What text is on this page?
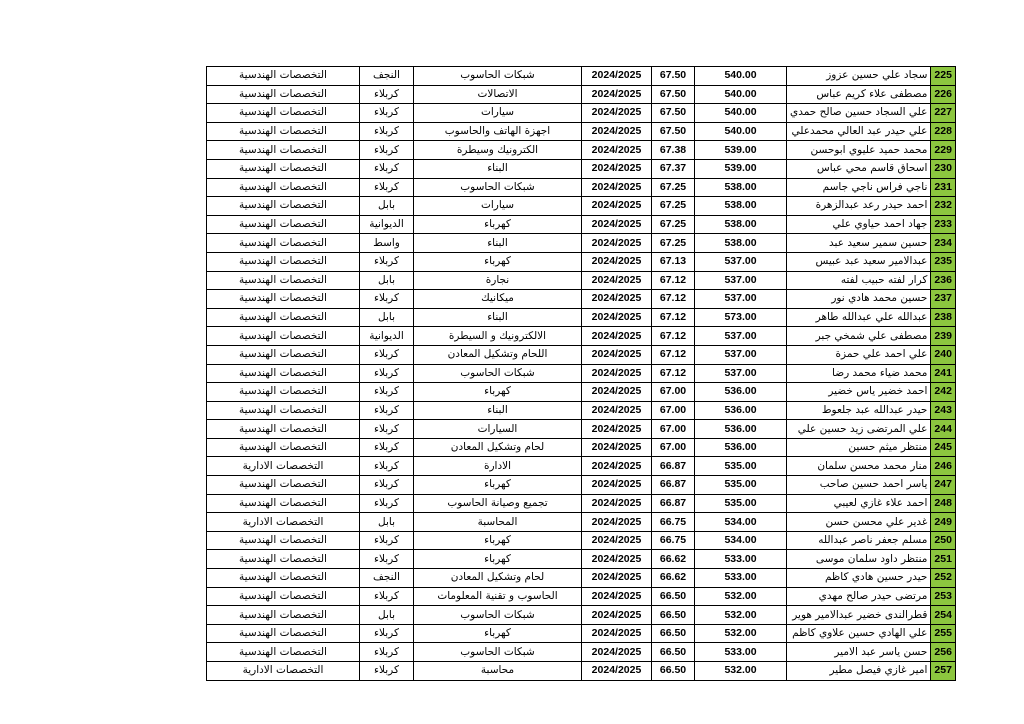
التخصصات الهندسية	النجف	شبكات الحاسوب	2024/2025	67.50	540.00	سجاد علي حسين عزوز	225
التخصصات الهندسية	كربلاء	الاتصالات	2024/2025	67.50	540.00	مصطفى علاء كريم عباس	226
التخصصات الهندسية	كربلاء	سيارات	2024/2025	67.50	540.00	علي السجاد حسين صالح حمدي	227
التخصصات الهندسية	كربلاء	اجهزة الهاتف والحاسوب	2024/2025	67.50	540.00	علي حيدر عبد العالي محمدعلي	228
التخصصات الهندسية	كربلاء	الكترونيك وسيطرة	2024/2025	67.38	539.00	محمد حميد عليوي ابوحسن	229
التخصصات الهندسية	كربلاء	البناء	2024/2025	67.37	539.00	اسحاق قاسم محي عباس	230
التخصصات الهندسية	كربلاء	شبكات الحاسوب	2024/2025	67.25	538.00	ناجي فراس ناجي جاسم	231
التخصصات الهندسية	بابل	سيارات	2024/2025	67.25	538.00	احمد حيدر رعد عبدالزهرة	232
التخصصات الهندسية	الديوانية	كهرباء	2024/2025	67.25	538.00	جهاد احمد حياوي علي	233
التخصصات الهندسية	واسط	البناء	2024/2025	67.25	538.00	حسين سمير سعيد عبد	234
التخصصات الهندسية	كربلاء	كهرباء	2024/2025	67.13	537.00	عبدالامير سعيد عبد عبيس	235
التخصصات الهندسية	بابل	نجارة	2024/2025	67.12	537.00	كرار لفته حبيب لفته	236
التخصصات الهندسية	كربلاء	ميكانيك	2024/2025	67.12	537.00	حسين محمد هادي نور	237
التخصصات الهندسية	بابل	البناء	2024/2025	67.12	573.00	عبدالله علي عبدالله طاهر	238
التخصصات الهندسية	الديوانية	الالكترونيك و السيطرة	2024/2025	67.12	537.00	مصطفى علي شمخي جبر	239
التخصصات الهندسية	كربلاء	اللحام وتشكيل المعادن	2024/2025	67.12	537.00	علي احمد علي حمزة	240
التخصصات الهندسية	كربلاء	شبكات الحاسوب	2024/2025	67.12	537.00	محمد ضياء محمد رضا	241
التخصصات الهندسية	كربلاء	كهرباء	2024/2025	67.00	536.00	احمد خضير ياس خضير	242
التخصصات الهندسية	كربلاء	البناء	2024/2025	67.00	536.00	حيدر عبدالله عبد جلعوط	243
التخصصات الهندسية	كربلاء	السيارات	2024/2025	67.00	536.00	علي المرتضى زيد حسين علي	244
التخصصات الهندسية	كربلاء	لحام وتشكيل المعادن	2024/2025	67.00	536.00	منتظر ميثم حسين	245
التخصصات الادارية	كربلاء	الادارة	2024/2025	66.87	535.00	منار محمد محسن سلمان	246
التخصصات الهندسية	كربلاء	كهرباء	2024/2025	66.87	535.00	ياسر احمد حسين صاحب	247
التخصصات الهندسية	كربلاء	تجميع وصيانة الحاسوب	2024/2025	66.87	535.00	احمد علاء غازي لعيبي	248
التخصصات الادارية	بابل	المحاسبة	2024/2025	66.75	534.00	غدير علي محسن حسن	249
التخصصات الهندسية	كربلاء	كهرباء	2024/2025	66.75	534.00	مسلم جعفر ناصر عبدالله	250
التخصصات الهندسية	كربلاء	كهرباء	2024/2025	66.62	533.00	منتظر داود سلمان موسى	251
التخصصات الهندسية	النجف	لحام وتشكيل المعادن	2024/2025	66.62	533.00	حيدر حسين هادي كاظم	252
التخصصات الهندسية	كربلاء	الحاسوب و تقنية المعلومات	2024/2025	66.50	532.00	مرتضى حيدر صالح مهدي	253
التخصصات الهندسية	بابل	شبكات الحاسوب	2024/2025	66.50	532.00	قطرالندى خضير عبدالامير هوير	254
التخصصات الهندسية	كربلاء	كهرباء	2024/2025	66.50	532.00	علي الهادي حسين علاوي كاظم	255
التخصصات الهندسية	كربلاء	شبكات الحاسوب	2024/2025	66.50	533.00	حسن ياسر عبد الامير	256
التخصصات الادارية	كربلاء	محاسبة	2024/2025	66.50	532.00	امير غازي فيصل مطير	257
